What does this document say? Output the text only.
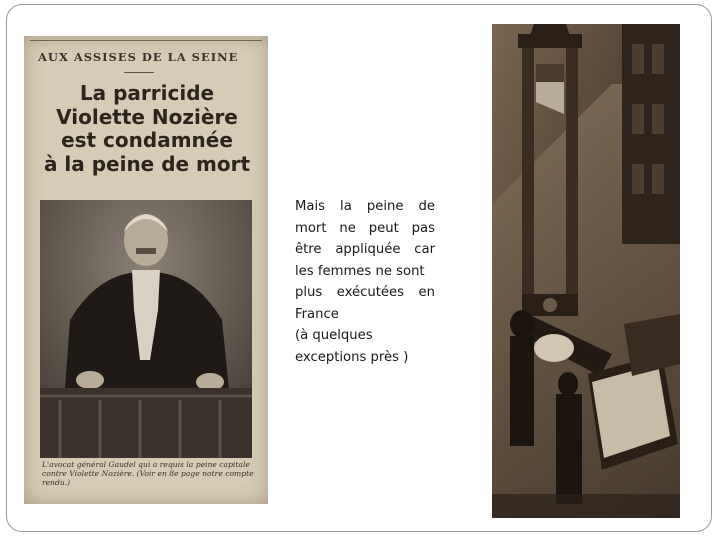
AUX ASSISES DE LA SEINE
La parricide
Violette Nozière
est condamnée
à la peine de mort
L'avocat général Gaudel qui a requis la peine capitale contre Violette Nozière. (Voir en 8e page notre compte rendu.)
Mais la peine de
mort ne peut pas
être appliquée car
les femmes ne sont
plus exécutées en
France
(à quelques
exceptions près )
